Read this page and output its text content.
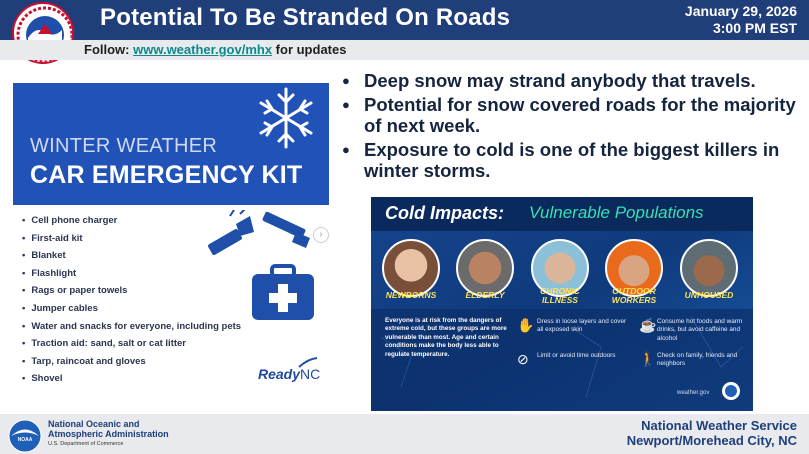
Potential To Be Stranded On Roads	January 29, 2026
3:00 PM EST
Follow: www.weather.gov/mhx for updates
WINTER WEATHER
CAR EMERGENCY KIT
• Cell phone charger
• First-aid kit
• Blanket
• Flashlight
• Rags or paper towels
• Jumper cables
• Water and snacks for everyone, including pets
• Traction aid: sand, salt or cat litter
• Tarp, raincoat and gloves
• Shovel
›
ReadyNC
● Deep snow may strand anybody that travels.
● Potential for snow covered roads for the majority of next week.
● Exposure to cold is one of the biggest killers in winter storms.
Cold Impacts: Vulnerable Populations
NEWBORNS	ELDERLY	CHRONIC ILLNESS
OUTDOOR WORKERS	UNHOUSED
Everyone is at risk from the dangers of extreme cold, but these groups are more vulnerable than most. Age and certain conditions make the body less able to regulate temperature.
✋ Dress in loose layers and cover all exposed skin	☕ Consume hot foods and warm drinks, but avoid caffeine and alcohol
⊘ Limit or avoid time outdoors	🚶 Check on family, friends and neighbors
weather.gov
NOAA
National Oceanic and
Atmospheric Administration
U.S. Department of Commerce
National Weather Service
Newport/Morehead City, NC
